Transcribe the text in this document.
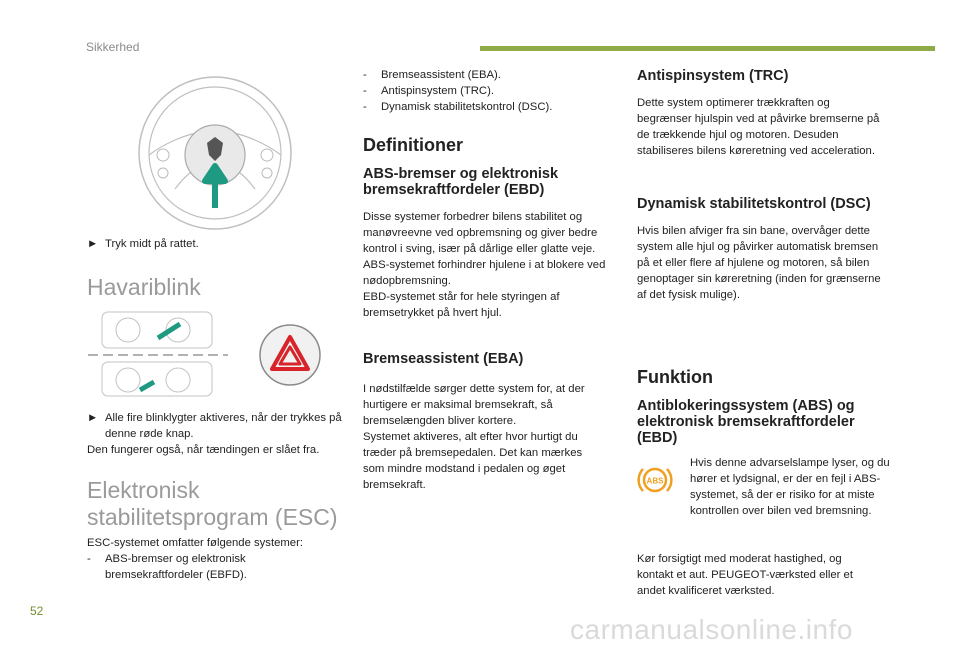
Sikkerhed
52
carmanualsonline.info
► Tryk midt på rattet.
Havariblink
► Alle fire blinklygter aktiveres, når der trykkes på denne røde knap.
Den fungerer også, når tændingen er slået fra.
Elektronisk
stabilitetsprogram (ESC)
ESC-systemet omfatter følgende systemer:
- ABS-bremser og elektronisk bremsekraftfordeler (EBFD).
- Bremseassistent (EBA).
- Antispinsystem (TRC).
- Dynamisk stabilitetskontrol (DSC).
Definitioner
ABS-bremser og elektronisk
bremsekraftfordeler (EBD)

Disse systemer forbedrer bilens stabilitet og manøvreevne ved opbremsning og giver bedre kontrol i sving, især på dårlige eller glatte veje. ABS-systemet forhindrer hjulene i at blokere ved nødopbremsning.

EBD-systemet står for hele styringen af bremsetrykket på hvert hjul.

Bremseassistent (EBA)

I nødstilfælde sørger dette system for, at der hurtigere er maksimal bremsekraft, så bremselængden bliver kortere.

Systemet aktiveres, alt efter hvor hurtigt du træder på bremsepedalen. Det kan mærkes som mindre modstand i pedalen og øget bremsekraft.

Antispinsystem (TRC)
Dette system optimerer trækkraften og begrænser hjulspin ved at påvirke bremserne på de trækkende hjul og motoren. Desuden stabiliseres bilens køreretning ved acceleration.
Dynamisk stabilitetskontrol (DSC)
Hvis bilen afviger fra sin bane, overvåger dette system alle hjul og påvirker automatisk bremsen på et eller flere af hjulene og motoren, så bilen genoptager sin køreretning (inden for grænserne af det fysisk mulige).
Funktion
Antiblokeringssystem (ABS) og
elektronisk bremsekraftfordeler
(EBD)
ABS
Hvis denne advarselslampe lyser, og du hører et lydsignal, er der en fejl i ABS-systemet, så der er risiko for at miste kontrollen over bilen ved bremsning.
Kør forsigtigt med moderat hastighed, og kontakt et aut. PEUGEOT-værksted eller et andet kvalificeret værksted.
